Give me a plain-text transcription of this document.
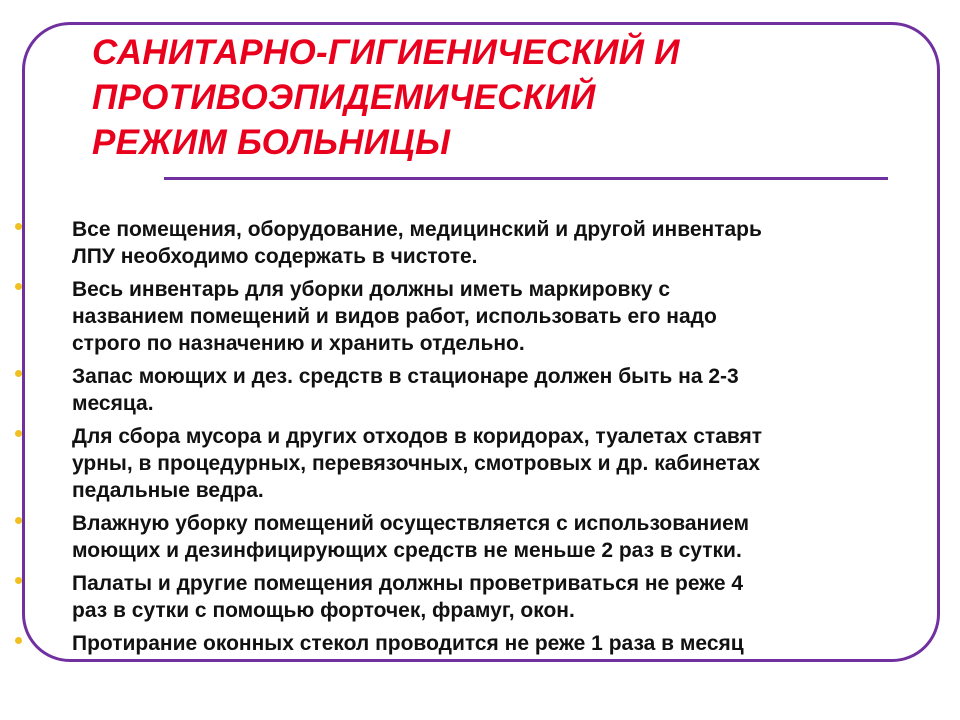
САНИТАРНО-ГИГИЕНИЧЕСКИЙ И
ПРОТИВОЭПИДЕМИЧЕСКИЙ
РЕЖИМ БОЛЬНИЦЫ
Все помещения, оборудование, медицинский и другой инвентарь
ЛПУ необходимо содержать в чистоте.
Весь инвентарь для уборки должны иметь маркировку с
названием помещений и видов работ, использовать его надо
строго по назначению и хранить отдельно.
Запас моющих и дез. средств в стационаре должен быть на 2-3
месяца.
Для сбора мусора и других отходов в коридорах, туалетах ставят
урны, в процедурных, перевязочных, смотровых и др. кабинетах
педальные ведра.
Влажную уборку помещений осуществляется с использованием
моющих и дезинфицирующих средств не меньше 2 раз в сутки.
Палаты и другие помещения должны проветриваться не реже 4
раз в сутки с помощью форточек, фрамуг, окон.
Протирание оконных стекол проводится не реже 1 раза в месяц
